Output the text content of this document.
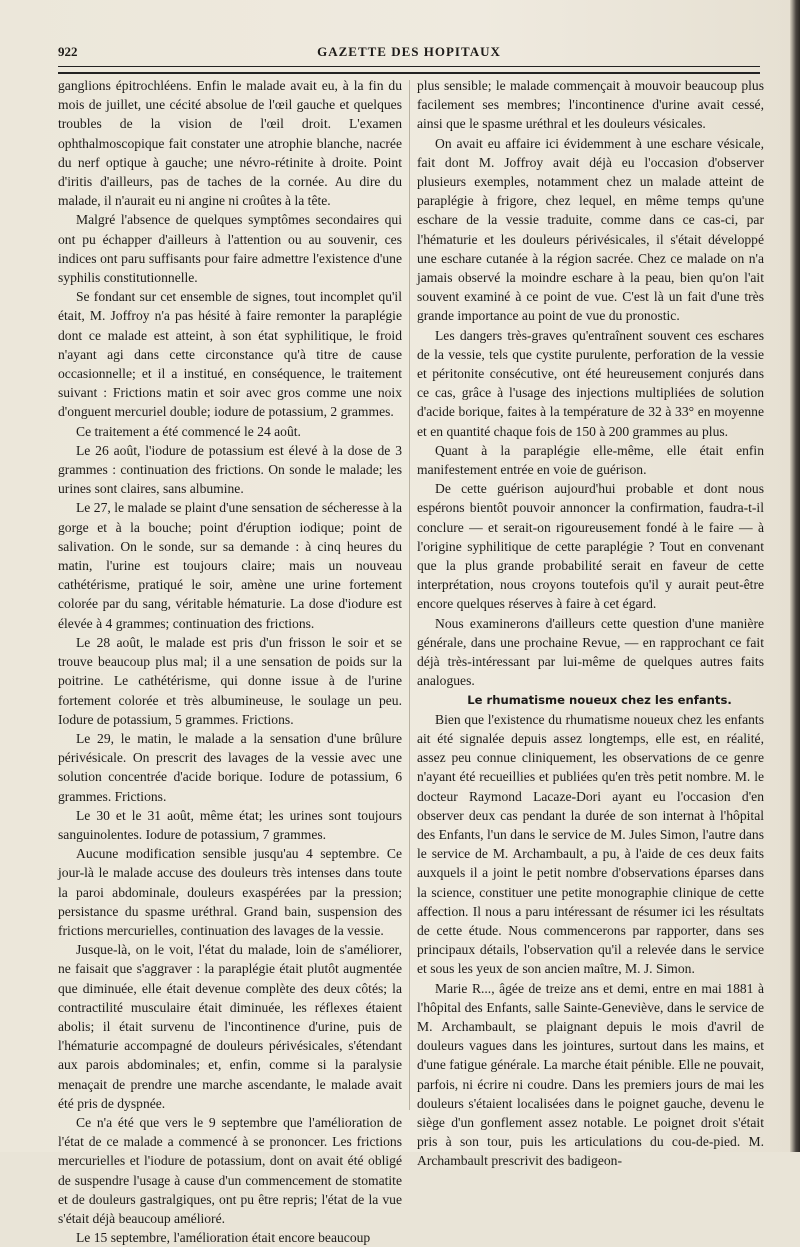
922	GAZETTE DES HOPITAUX

ganglions épitrochléens. Enfin le malade avait eu, à la fin du mois de juillet, une cécité absolue de l'œil gauche et quelques troubles de la vision de l'œil droit. L'examen ophthalmoscopique fait constater une atrophie blanche, nacrée du nerf optique à gauche; une névro-rétinite à droite. Point d'iritis d'ailleurs, pas de taches de la cornée. Au dire du malade, il n'aurait eu ni angine ni croûtes à la tête.

Malgré l'absence de quelques symptômes secondaires qui ont pu échapper d'ailleurs à l'attention ou au souvenir, ces indices ont paru suffisants pour faire admettre l'existence d'une syphilis constitutionnelle.

Se fondant sur cet ensemble de signes, tout incomplet qu'il était, M. Joffroy n'a pas hésité à faire remonter la paraplégie dont ce malade est atteint, à son état syphilitique, le froid n'ayant agi dans cette circonstance qu'à titre de cause occasionnelle; et il a institué, en conséquence, le traitement suivant : Frictions matin et soir avec gros comme une noix d'onguent mercuriel double; iodure de potassium, 2 grammes.

Ce traitement a été commencé le 24 août.

Le 26 août, l'iodure de potassium est élevé à la dose de 3 grammes : continuation des frictions. On sonde le malade; les urines sont claires, sans albumine.

Le 27, le malade se plaint d'une sensation de sécheresse à la gorge et à la bouche; point d'éruption iodique; point de salivation. On le sonde, sur sa demande : à cinq heures du matin, l'urine est toujours claire; mais un nouveau cathétérisme, pratiqué le soir, amène une urine fortement colorée par du sang, véritable hématurie. La dose d'iodure est élevée à 4 grammes; continuation des frictions.

Le 28 août, le malade est pris d'un frisson le soir et se trouve beaucoup plus mal; il a une sensation de poids sur la poitrine. Le cathétérisme, qui donne issue à de l'urine fortement colorée et très albumineuse, le soulage un peu. Iodure de potassium, 5 grammes. Frictions.

Le 29, le matin, le malade a la sensation d'une brûlure périvésicale. On prescrit des lavages de la vessie avec une solution concentrée d'acide borique. Iodure de potassium, 6 grammes. Frictions.

Le 30 et le 31 août, même état; les urines sont toujours sanguinolentes. Iodure de potassium, 7 grammes.

Aucune modification sensible jusqu'au 4 septembre. Ce jour-là le malade accuse des douleurs très intenses dans toute la paroi abdominale, douleurs exaspérées par la pression; persistance du spasme uréthral. Grand bain, suspension des frictions mercurielles, continuation des lavages de la vessie.

Jusque-là, on le voit, l'état du malade, loin de s'améliorer, ne faisait que s'aggraver : la paraplégie était plutôt augmentée que diminuée, elle était devenue complète des deux côtés; la contractilité musculaire était diminuée, les réflexes étaient abolis; il était survenu de l'incontinence d'urine, puis de l'hématurie accompagné de douleurs périvésicales, s'étendant aux parois abdominales; et, enfin, comme si la paralysie menaçait de prendre une marche ascendante, le malade avait été pris de dyspnée.

Ce n'a été que vers le 9 septembre que l'amélioration de l'état de ce malade a commencé à se prononcer. Les frictions mercurielles et l'iodure de potassium, dont on avait été obligé de suspendre l'usage à cause d'un commencement de stomatite et de douleurs gastralgiques, ont pu être repris; l'état de la vue s'était déjà beaucoup amélioré.

Le 15 septembre, l'amélioration était encore beaucoup

plus sensible; le malade commençait à mouvoir beaucoup plus facilement ses membres; l'incontinence d'urine avait cessé, ainsi que le spasme uréthral et les douleurs vésicales.

On avait eu affaire ici évidemment à une eschare vésicale, fait dont M. Joffroy avait déjà eu l'occasion d'observer plusieurs exemples, notamment chez un malade atteint de paraplégie à frigore, chez lequel, en même temps qu'une eschare de la vessie traduite, comme dans ce cas-ci, par l'hématurie et les douleurs périvésicales, il s'était développé une eschare cutanée à la région sacrée. Chez ce malade on n'a jamais observé la moindre eschare à la peau, bien qu'on l'ait souvent examiné à ce point de vue. C'est là un fait d'une très grande importance au point de vue du pronostic.

Les dangers très-graves qu'entraînent souvent ces eschares de la vessie, tels que cystite purulente, perforation de la vessie et péritonite consécutive, ont été heureusement conjurés dans ce cas, grâce à l'usage des injections multipliées de solution d'acide borique, faites à la température de 32 à 33° en moyenne et en quantité chaque fois de 150 à 200 grammes au plus.

Quant à la paraplégie elle-même, elle était enfin manifestement entrée en voie de guérison.

De cette guérison aujourd'hui probable et dont nous espérons bientôt pouvoir annoncer la confirmation, faudra-t-il conclure — et serait-on rigoureusement fondé à le faire — à l'origine syphilitique de cette paraplégie ? Tout en convenant que la plus grande probabilité serait en faveur de cette interprétation, nous croyons toutefois qu'il y aurait peut-être encore quelques réserves à faire à cet égard.

Nous examinerons d'ailleurs cette question d'une manière générale, dans une prochaine Revue, — en rapprochant ce fait déjà très-intéressant par lui-même de quelques autres faits analogues.

Le rhumatisme noueux chez les enfants.

Bien que l'existence du rhumatisme noueux chez les enfants ait été signalée depuis assez longtemps, elle est, en réalité, assez peu connue cliniquement, les observations de ce genre n'ayant été recueillies et publiées qu'en très petit nombre. M. le docteur Raymond Lacaze-Dori ayant eu l'occasion d'en observer deux cas pendant la durée de son internat à l'hôpital des Enfants, l'un dans le service de M. Jules Simon, l'autre dans le service de M. Archambault, a pu, à l'aide de ces deux faits auxquels il a joint le petit nombre d'observations éparses dans la science, constituer une petite monographie clinique de cette affection. Il nous a paru intéressant de résumer ici les résultats de cette étude. Nous commencerons par rapporter, dans ses principaux détails, l'observation qu'il a relevée dans le service et sous les yeux de son ancien maître, M. J. Simon.

Marie R..., âgée de treize ans et demi, entre en mai 1881 à l'hôpital des Enfants, salle Sainte-Geneviève, dans le service de M. Archambault, se plaignant depuis le mois d'avril de douleurs vagues dans les jointures, surtout dans les mains, et d'une fatigue générale. La marche était pénible. Elle ne pouvait, parfois, ni écrire ni coudre. Dans les premiers jours de mai les douleurs s'étaient localisées dans le poignet gauche, devenu le siège d'un gonflement assez notable. Le poignet droit s'était pris à son tour, puis les articulations du cou-de-pied. M. Archambault prescrivit des badigeon-
